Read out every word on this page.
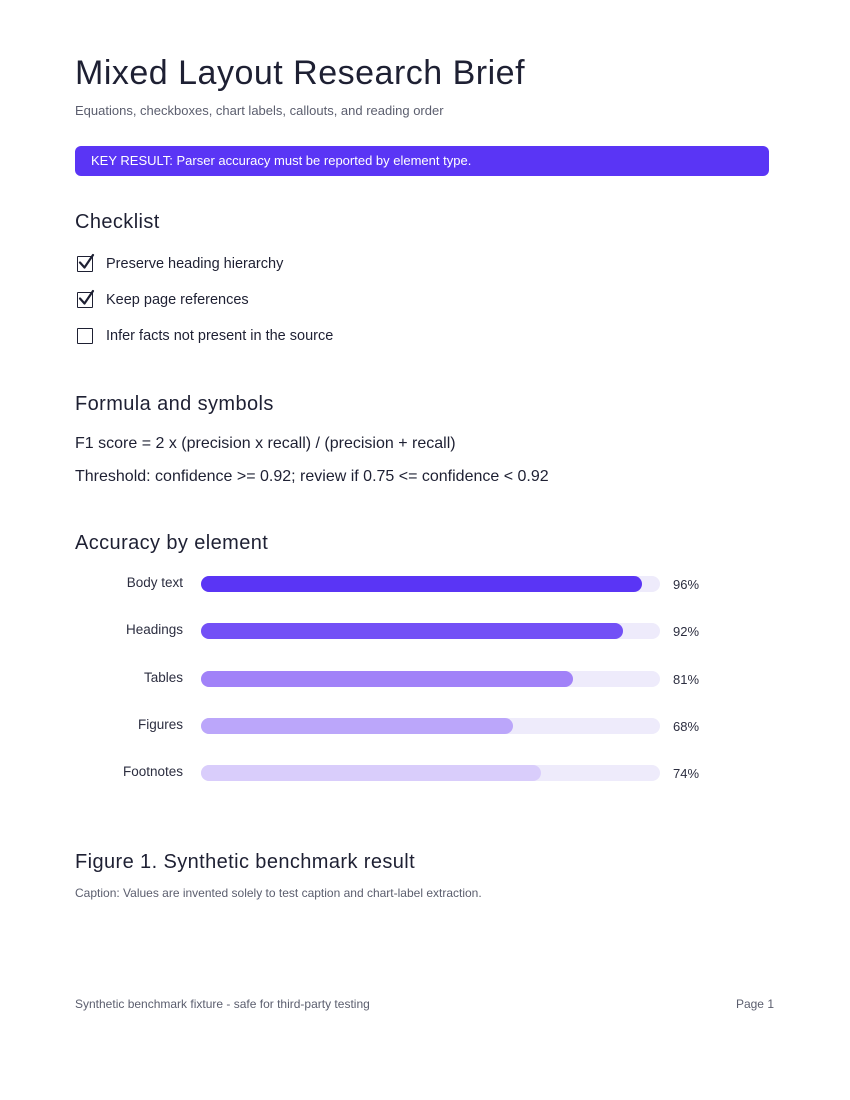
Mixed Layout Research Brief
Equations, checkboxes, chart labels, callouts, and reading order
KEY RESULT: Parser accuracy must be reported by element type.
Checklist
Preserve heading hierarchy
Keep page references
Infer facts not present in the source
Formula and symbols
F1 score = 2 x (precision x recall) / (precision + recall)
Threshold: confidence >= 0.92; review if 0.75 <= confidence < 0.92
Accuracy by element
Body text	96%
Headings	92%
Tables	81%
Figures	68%
Footnotes	74%
Figure 1. Synthetic benchmark result
Caption: Values are invented solely to test caption and chart-label extraction.
Synthetic benchmark fixture - safe for third-party testing	Page 1
